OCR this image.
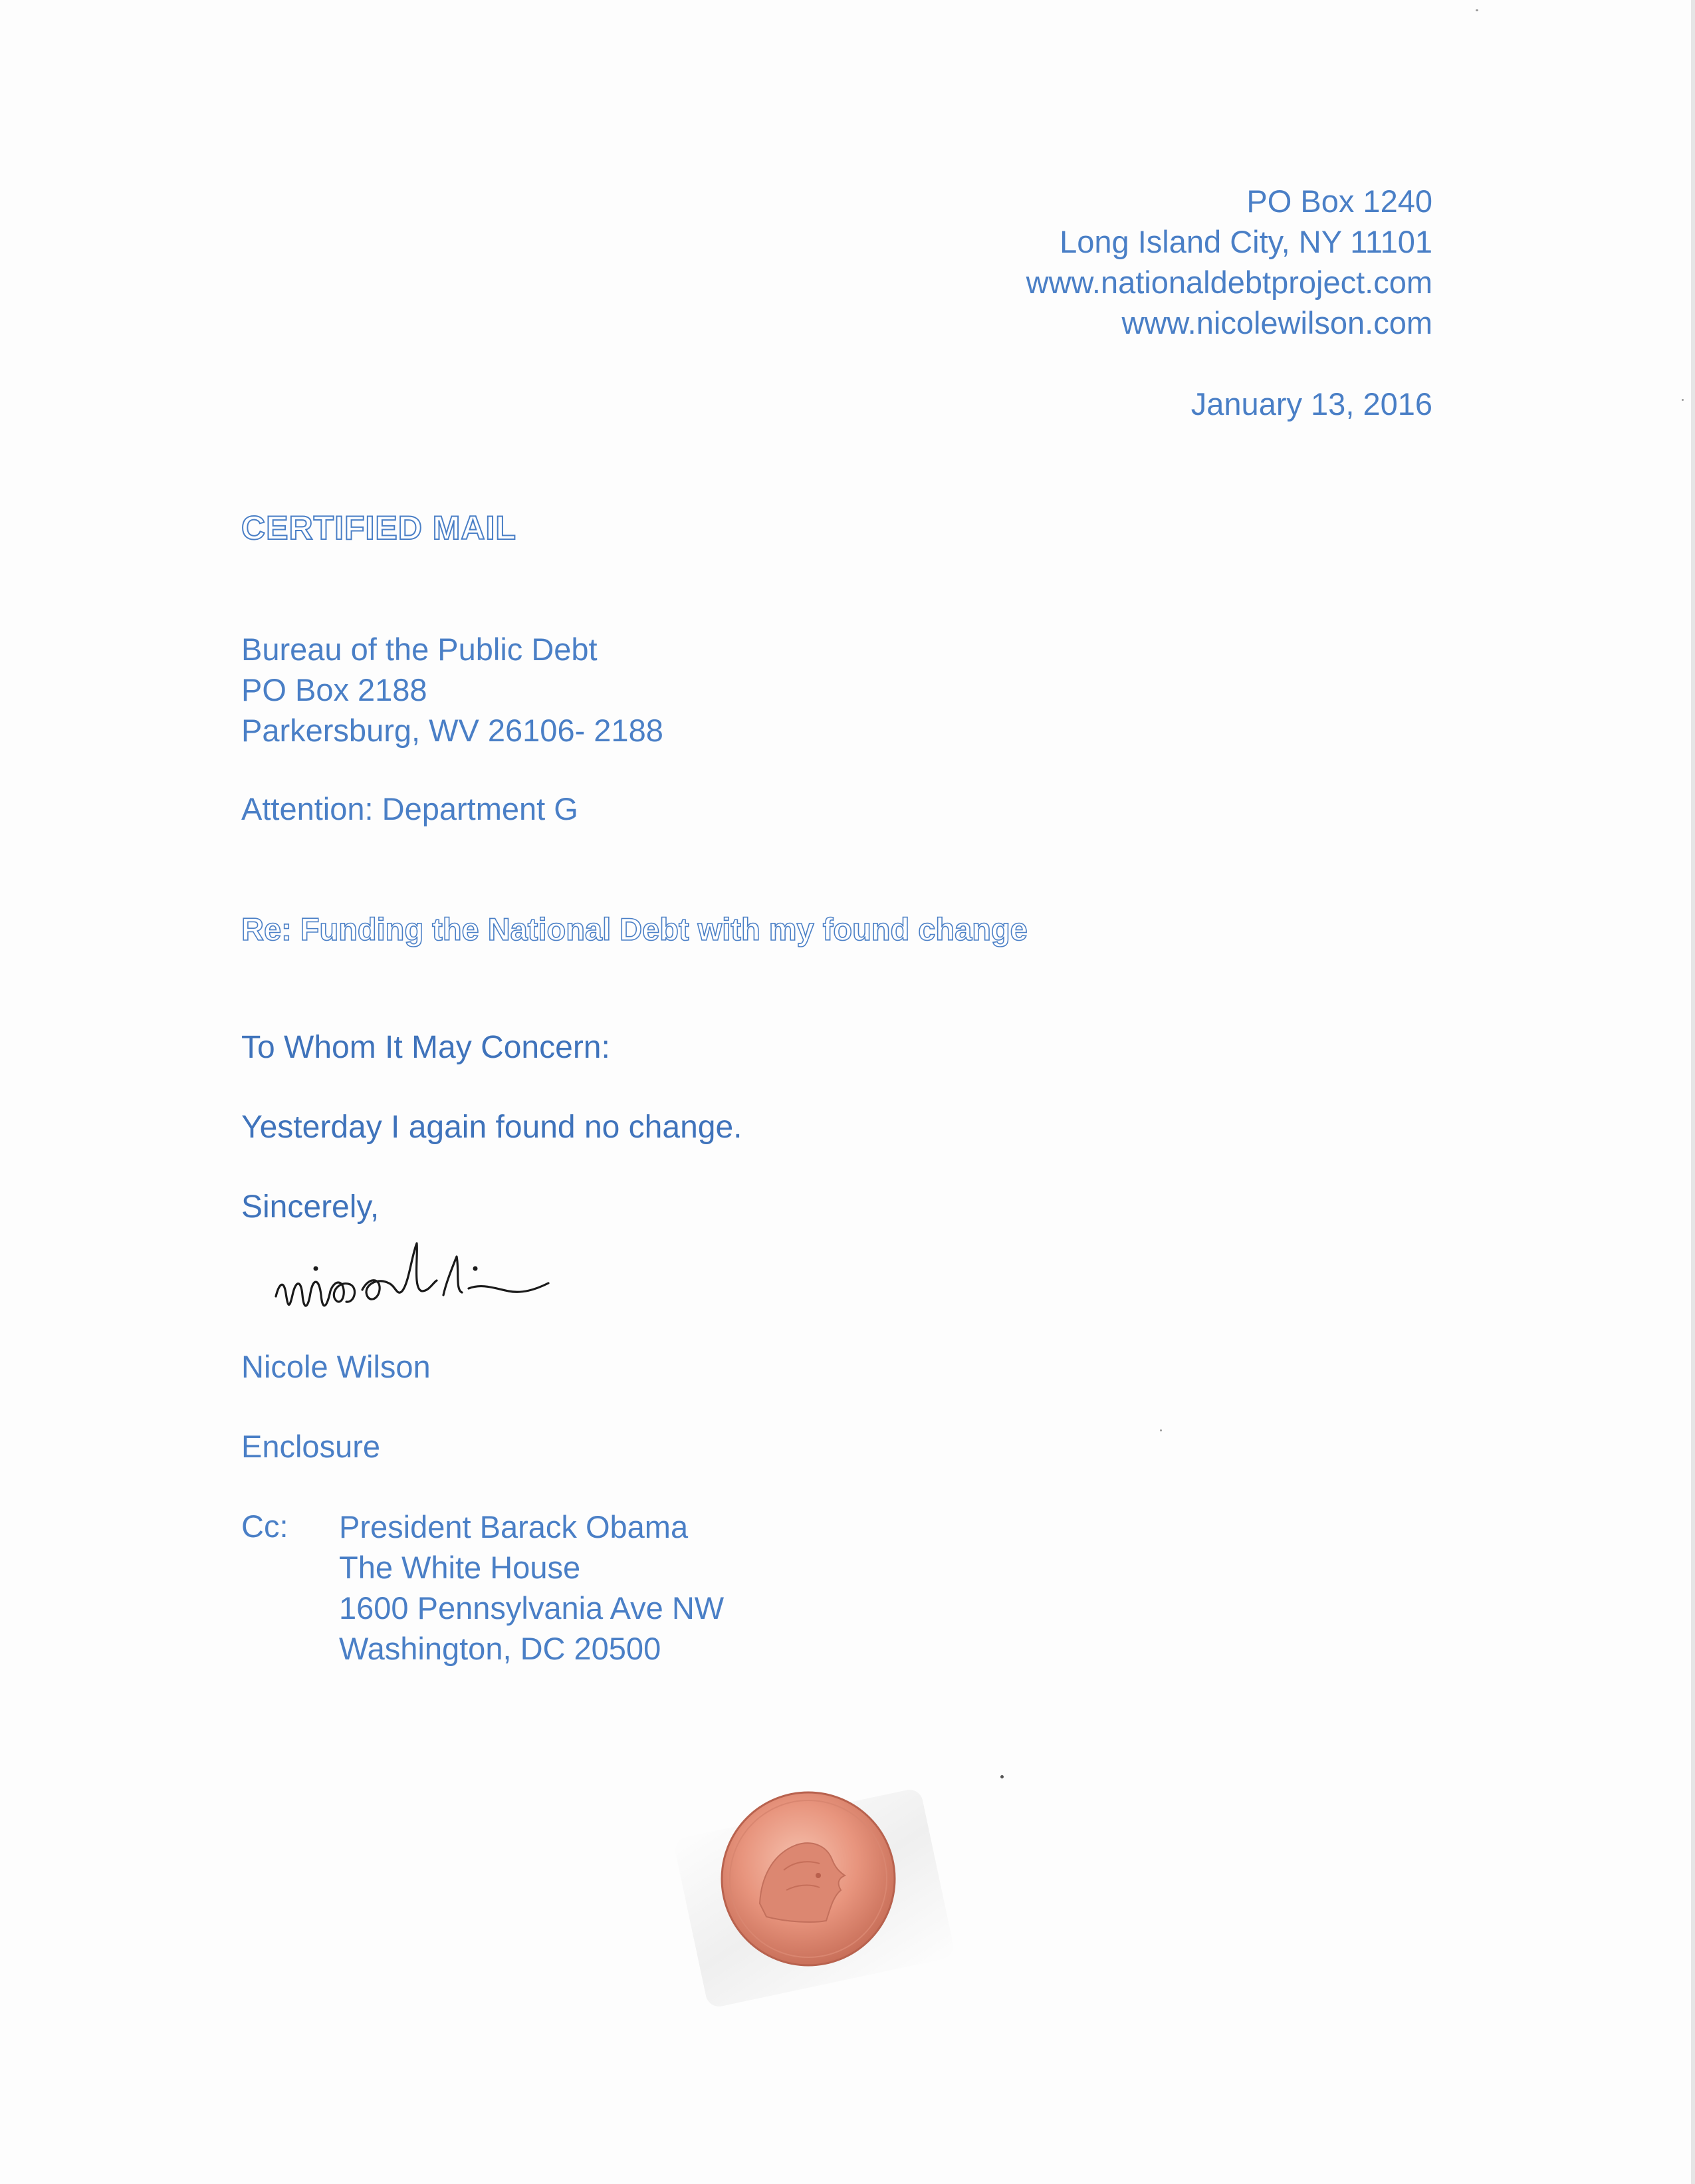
PO Box 1240
Long Island City, NY 11101
www.nationaldebtproject.com
www.nicolewilson.com
January 13, 2016
CERTIFIED MAIL
Bureau of the Public Debt
PO Box 2188
Parkersburg, WV 26106- 2188
Attention: Department G
Re: Funding the National Debt with my found change
To Whom It May Concern:
Yesterday I again found no change.
Sincerely,
Nicole Wilson
Enclosure
Cc: President Barack Obama
The White House
1600 Pennsylvania Ave NW
Washington, DC 20500
